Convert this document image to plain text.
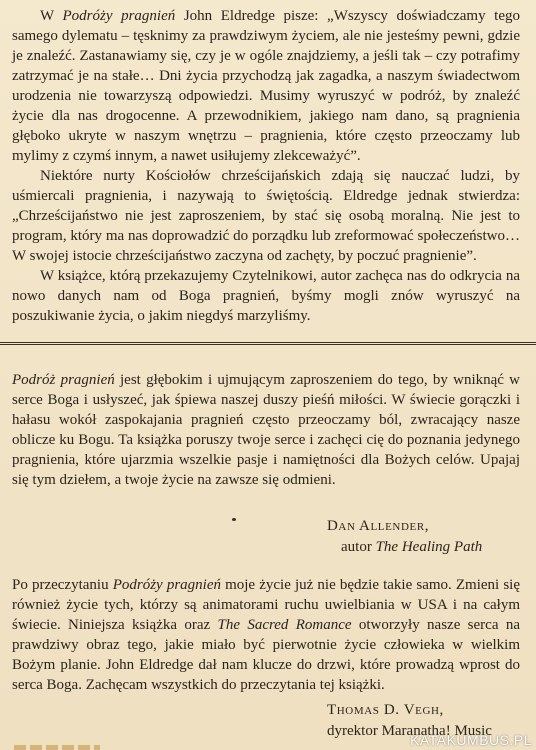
W Podróży pragnień John Eldredge pisze: „Wszyscy doświadczamy tego samego dylematu – tęsknimy za prawdziwym życiem, ale nie jesteśmy pewni, gdzie je znaleźć. Zastanawiamy się, czy je w ogóle znajdziemy, a jeśli tak – czy potrafimy zatrzymać je na stałe… Dni życia przychodzą jak zagadka, a naszym świadectwom urodzenia nie towarzyszą odpowiedzi. Musimy wyruszyć w podróż, by znaleźć życie dla nas drogocenne. A przewodnikiem, jakiego nam dano, są pragnienia głęboko ukryte w naszym wnętrzu – pragnienia, które często przeoczamy lub mylimy z czymś innym, a nawet usiłujemy zlekceważyć”.

Niektóre nurty Kościołów chrześcijańskich zdają się nauczać ludzi, by uśmiercali pragnienia, i nazywają to świętością. Eldredge jednak stwierdza: „Chrześcijaństwo nie jest zaproszeniem, by stać się osobą moralną. Nie jest to program, który ma nas doprowadzić do porządku lub zreformować społeczeństwo… W swojej istocie chrześcijaństwo zaczyna od zachęty, by poczuć pragnienie”.

W książce, którą przekazujemy Czytelnikowi, autor zachęca nas do odkrycia na nowo danych nam od Boga pragnień, byśmy mogli znów wyruszyć na poszukiwanie życia, o jakim niegdyś marzyliśmy.

Podróż pragnień jest głębokim i ujmującym zaproszeniem do tego, by wniknąć w serce Boga i usłyszeć, jak śpiewa naszej duszy pieśń miłości. W świecie gorączki i hałasu wokół zaspokajania pragnień często przeoczamy ból, zwracający nasze oblicze ku Bogu. Ta książka poruszy twoje serce i zachęci cię do poznania jedynego pragnienia, które ujarzmia wszelkie pasje i namiętności dla Bożych celów. Upajaj się tym dziełem, a twoje życie na zawsze się odmieni.

Dan Allender,
autor The Healing Path

Po przeczytaniu Podróży pragnień moje życie już nie będzie takie samo. Zmieni się również życie tych, którzy są animatorami ruchu uwielbiania w USA i na całym świecie. Niniejsza książka oraz The Sacred Romance otworzyły nasze serca na prawdziwy obraz tego, jakie miało być pierwotnie życie człowieka w wielkim Bożym planie. John Eldredge dał nam klucze do drzwi, które prowadzą wprost do serca Boga. Zachęcam wszystkich do przeczytania tej książki.

Thomas D. Vegh,
dyrektor Maranatha! Music
KATAKUMBUS.PL
